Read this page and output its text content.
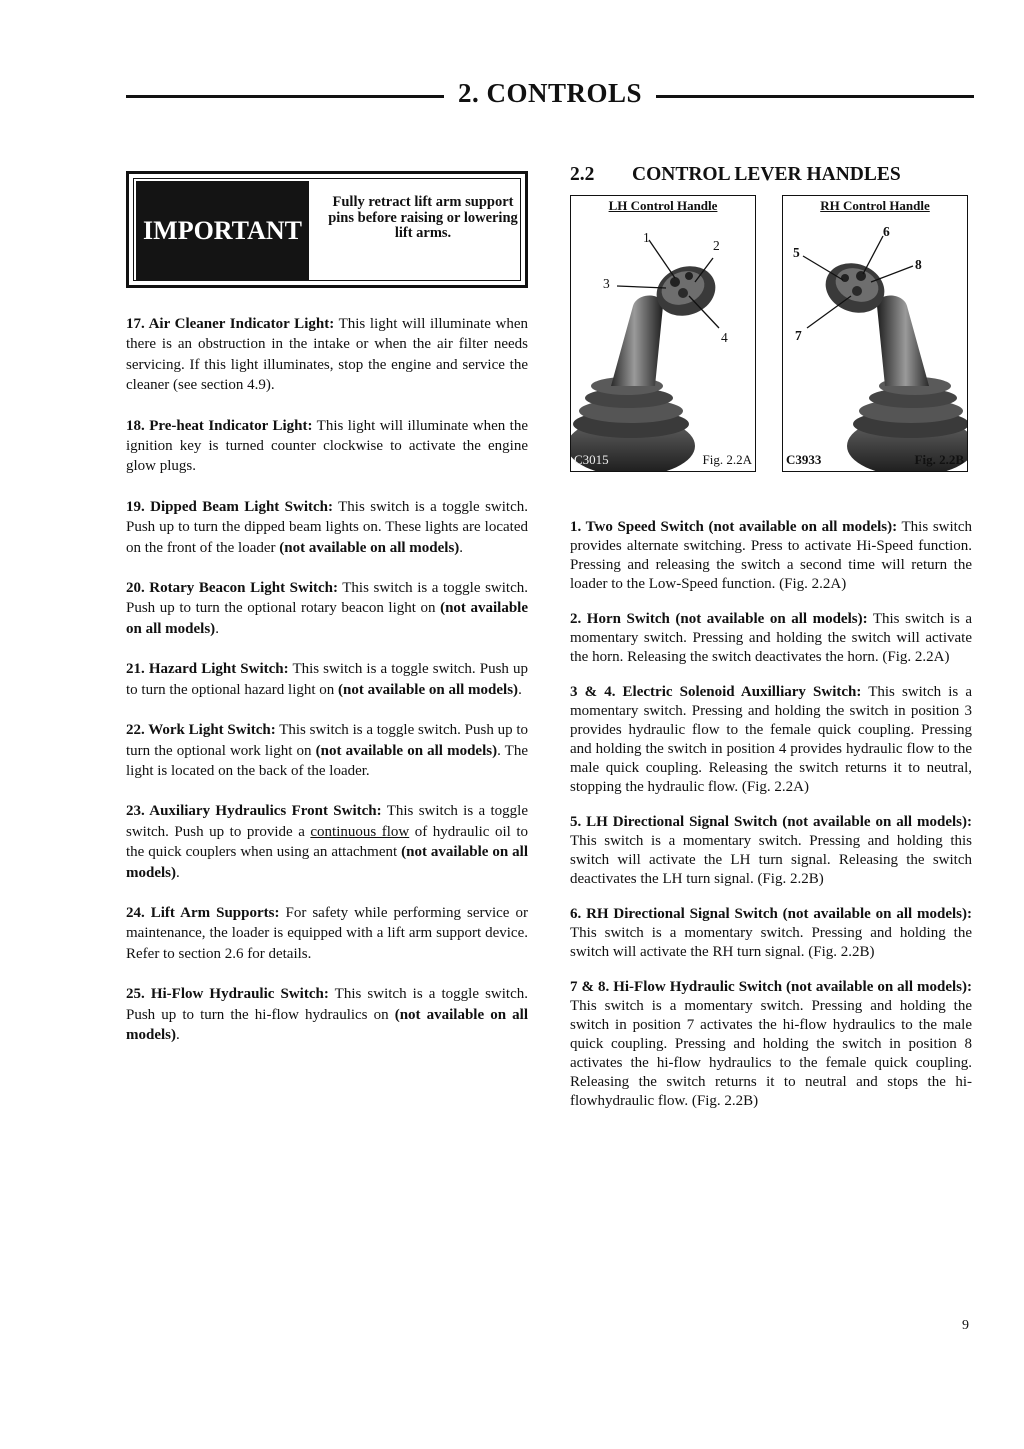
2. CONTROLS
IMPORTANT
Fully retract lift arm support pins before raising or lowering lift arms.

17. Air Cleaner Indicator Light: This light will illuminate when there is an obstruction in the intake or when the air filter needs servicing. If this light illuminates, stop the engine and service the cleaner (see section 4.9).

18. Pre-heat Indicator Light: This light will illuminate when the ignition key is turned counter clockwise to activate the engine glow plugs.

19. Dipped Beam Light Switch: This switch is a toggle switch. Push up to turn the dipped beam lights on. These lights are located on the front of the loader (not available on all models).

20. Rotary Beacon Light Switch: This switch is a toggle switch. Push up to turn the optional rotary beacon light on (not available on all models).

21. Hazard Light Switch: This switch is a toggle switch. Push up to turn the optional hazard light on (not available on all models).

22. Work Light Switch: This switch is a toggle switch. Push up to turn the optional work light on (not available on all models). The light is located on the back of the loader.

23. Auxiliary Hydraulics Front Switch: This switch is a toggle switch. Push up to provide a continuous flow of hydraulic oil to the quick couplers when using an attachment (not available on all models).

24. Lift Arm Supports: For safety while performing service or maintenance, the loader is equipped with a lift arm support device. Refer to section 2.6 for details.

25. Hi-Flow Hydraulic Switch: This switch is a toggle switch. Push up to turn the hi-flow hydraulics on (not available on all models).

2.2 CONTROL LEVER HANDLES
LH Control Handle
1
2
3
4
C3015	Fig. 2.2A
RH Control Handle
5
6
7
8
C3933	Fig. 2.2B

1. Two Speed Switch (not available on all models): This switch provides alternate switching. Press to activate Hi-Speed function. Pressing and releasing the switch a second time will return the loader to the Low-Speed function. (Fig. 2.2A)

2. Horn Switch (not available on all models): This switch is a momentary switch. Pressing and holding the switch will activate the horn. Releasing the switch deactivates the horn. (Fig. 2.2A)

3 & 4. Electric Solenoid Auxilliary Switch: This switch is a momentary switch. Pressing and holding the switch in position 3 provides hydraulic flow to the female quick coupling. Pressing and holding the switch in position 4 provides hydraulic flow to the male quick coupling. Releasing the switch returns it to neutral, stopping the hydraulic flow. (Fig. 2.2A)

5. LH Directional Signal Switch (not available on all models): This switch is a momentary switch. Pressing and holding this switch will activate the LH turn signal. Releasing the switch deactivates the LH turn signal. (Fig. 2.2B)

6. RH Directional Signal Switch (not available on all models): This switch is a momentary switch. Pressing and holding the switch will activate the RH turn signal. (Fig. 2.2B)

7 & 8. Hi-Flow Hydraulic Switch (not available on all models): This switch is a momentary switch. Pressing and holding the switch in position 7 activates the hi-flow hydraulics to the male quick coupling. Pressing and holding the switch in position 8 activates the hi-flow hydraulics to the female quick coupling. Releasing the switch returns it to neutral and stops the hi-flowhydraulic flow. (Fig. 2.2B)

9
